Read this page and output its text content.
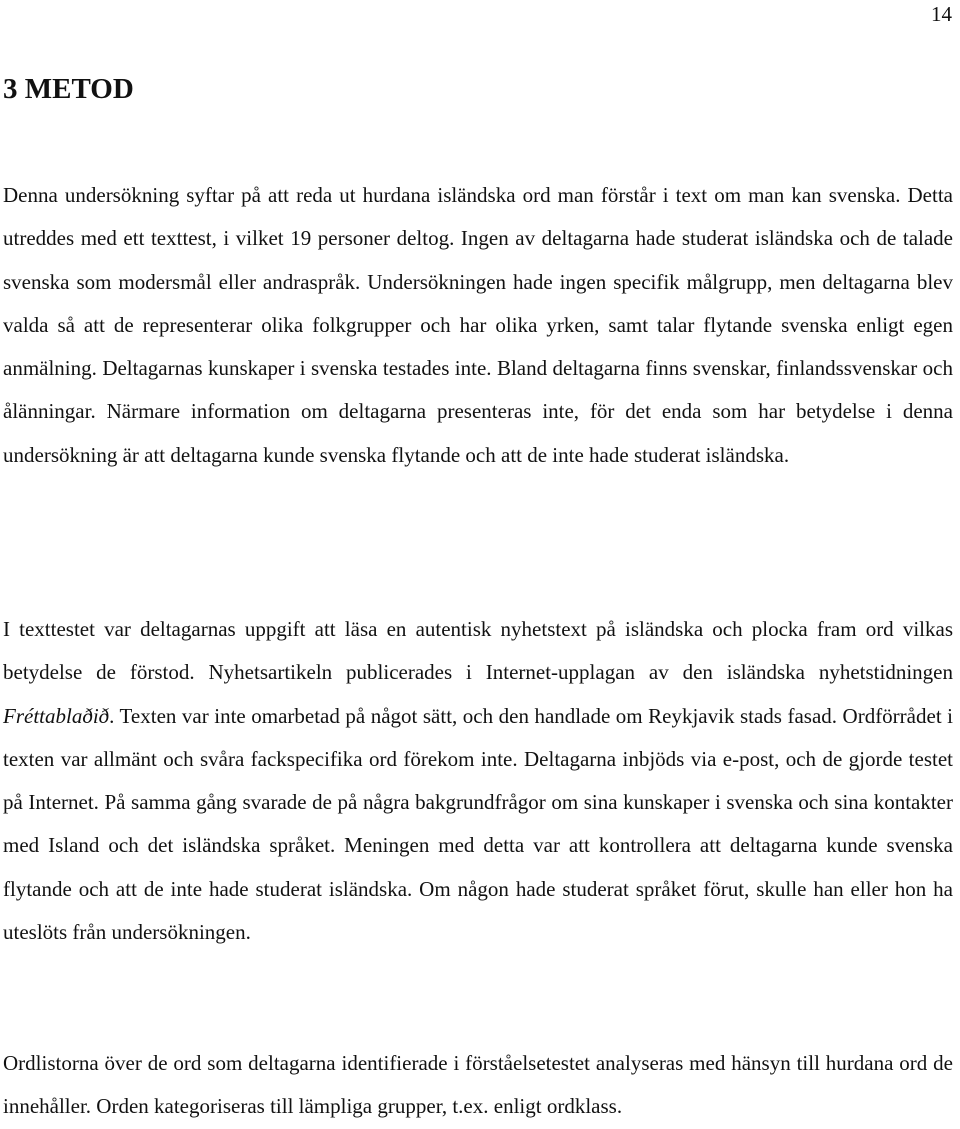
14
3 METOD

Denna undersökning syftar på att reda ut hurdana isländska ord man förstår i text om man kan svenska. Detta utreddes med ett texttest, i vilket 19 personer deltog. Ingen av deltagarna hade studerat isländska och de talade svenska som modersmål eller andraspråk. Undersökningen hade ingen specifik målgrupp, men deltagarna blev valda så att de representerar olika folkgrupper och har olika yrken, samt talar flytande svenska enligt egen anmälning. Deltagarnas kunskaper i svenska testades inte. Bland deltagarna finns svenskar, finlandssvenskar och ålänningar. Närmare information om deltagarna presenteras inte, för det enda som har betydelse i denna undersökning är att deltagarna kunde svenska flytande och att de inte hade studerat isländska.

I texttestet var deltagarnas uppgift att läsa en autentisk nyhetstext på isländska och plocka fram ord vilkas betydelse de förstod. Nyhetsartikeln publicerades i Internet-upplagan av den isländska nyhetstidningen Fréttablaðið. Texten var inte omarbetad på något sätt, och den handlade om Reykjavik stads fasad. Ordförrådet i texten var allmänt och svåra fackspecifika ord förekom inte. Deltagarna inbjöds via e-post, och de gjorde testet på Internet. På samma gång svarade de på några bakgrundfrågor om sina kunskaper i svenska och sina kontakter med Island och det isländska språket. Meningen med detta var att kontrollera att deltagarna kunde svenska flytande och att de inte hade studerat isländska. Om någon hade studerat språket förut, skulle han eller hon ha uteslöts från undersökningen.

Ordlistorna över de ord som deltagarna identifierade i förståelsetestet analyseras med hänsyn till hurdana ord de innehåller. Orden kategoriseras till lämpliga grupper, t.ex. enligt ordklass.
